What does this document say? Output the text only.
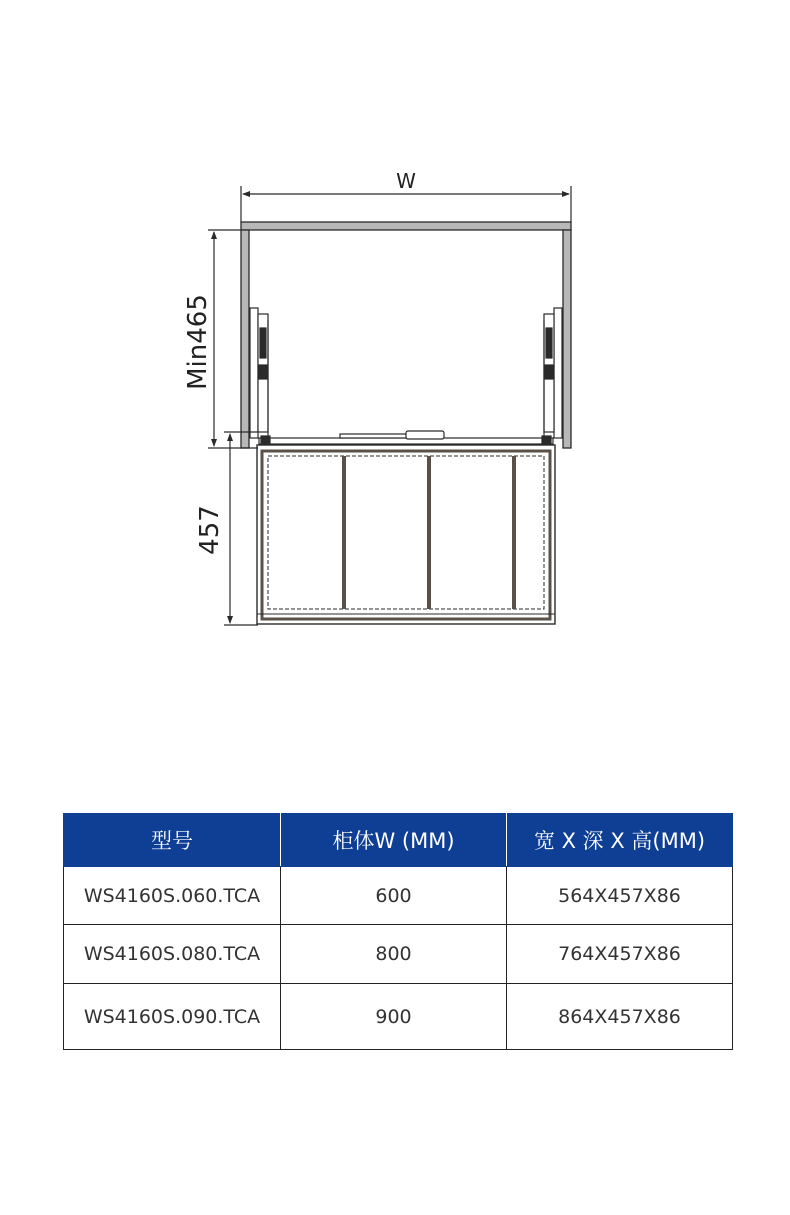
W
Min465
457
型号	柜体W (MM)	宽 X 深 X 高(MM)
WS4160S.060.TCA	600	564X457X86
WS4160S.080.TCA	800	764X457X86
WS4160S.090.TCA	900	864X457X86
